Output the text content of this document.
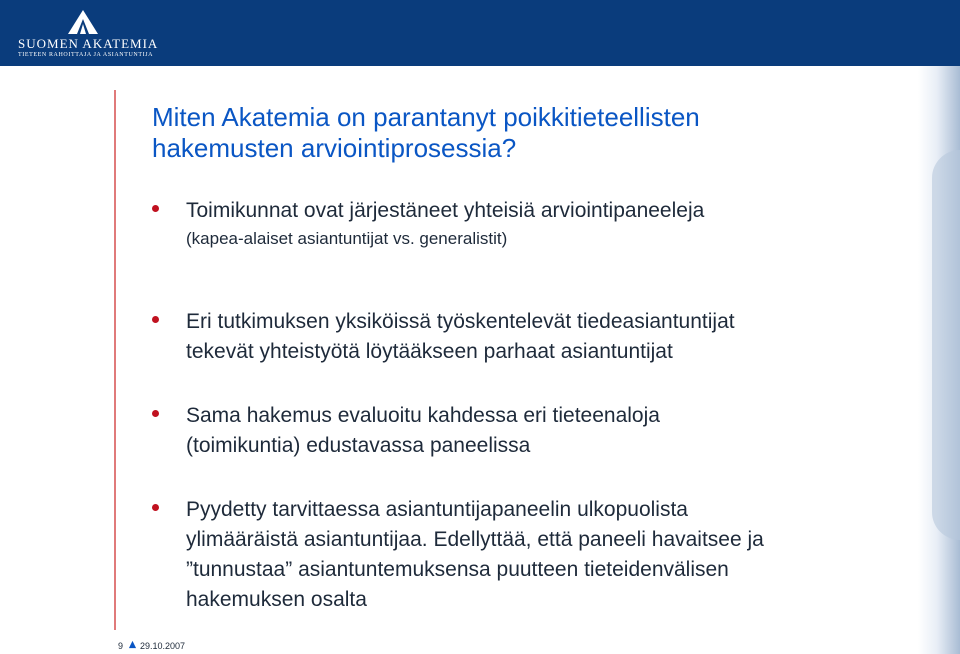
SUOMEN AKATEMIA
TIETEEN RAHOITTAJA JA ASIANTUNTIJA
Miten Akatemia on parantanyt poikkitieteellisten
hakemusten arviointiprosessia?
Toimikunnat ovat järjestäneet yhteisiä arviointipaneeleja
(kapea-alaiset asiantuntijat vs. generalistit)
Eri tutkimuksen yksiköissä työskentelevät tiedeasiantuntijat
tekevät yhteistyötä löytääkseen parhaat asiantuntijat
Sama hakemus evaluoitu kahdessa eri tieteenaloja
(toimikuntia) edustavassa paneelissa
Pyydetty tarvittaessa asiantuntijapaneelin ulkopuolista
ylimääräistä asiantuntijaa. Edellyttää, että paneeli havaitsee ja
”tunnustaa” asiantuntemuksensa puutteen tieteidenvälisen
hakemuksen osalta
9 29.10.2007
